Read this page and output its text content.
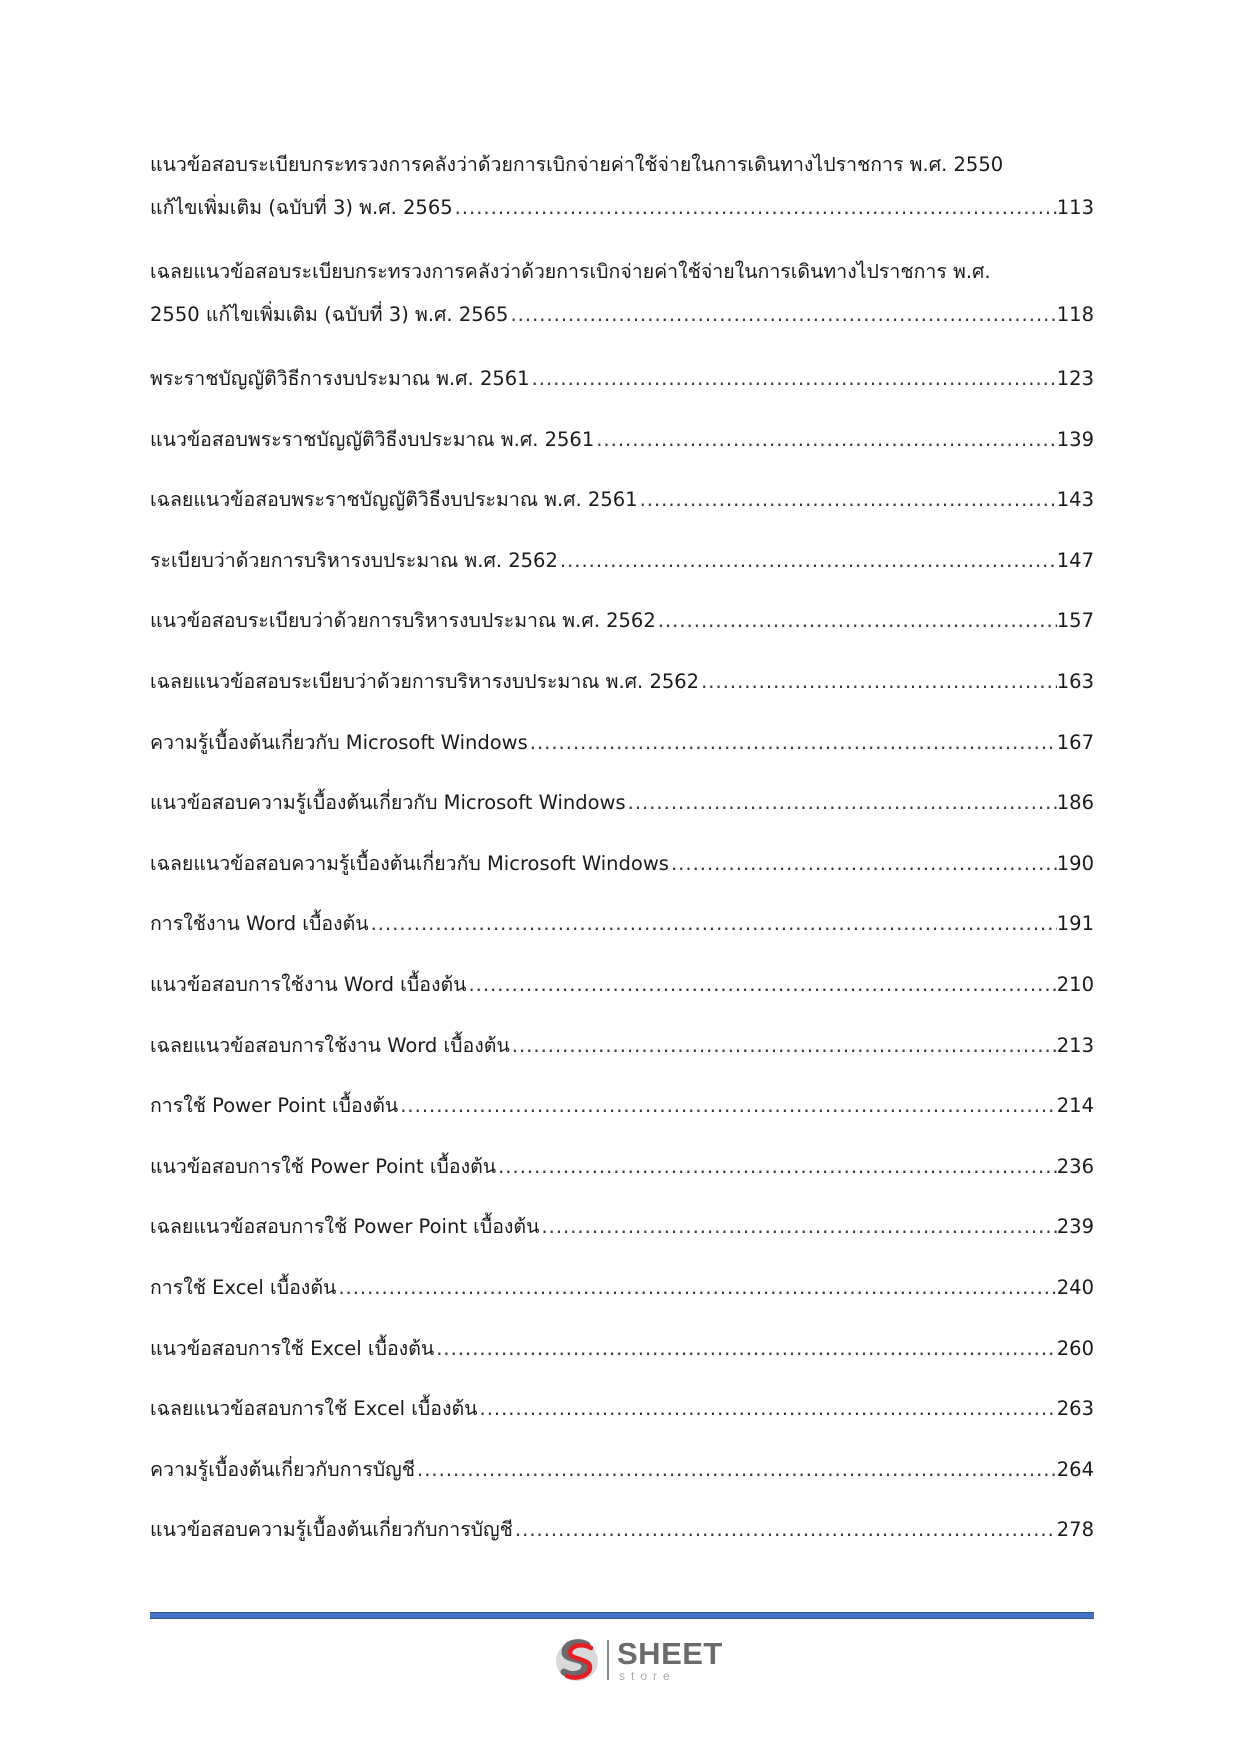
แนวข้อสอบระเบียบกระทรวงการคลังว่าด้วยการเบิกจ่ายค่าใช้จ่ายในการเดินทางไปราชการ พ.ศ. 2550
แก้ไขเพิ่มเติม (ฉบับที่ 3) พ.ศ. 2565 .....	113
เฉลยแนวข้อสอบระเบียบกระทรวงการคลังว่าด้วยการเบิกจ่ายค่าใช้จ่ายในการเดินทางไปราชการ พ.ศ.
2550 แก้ไขเพิ่มเติม (ฉบับที่ 3) พ.ศ. 2565 .....	118
พระราชบัญญัติวิธีการงบประมาณ พ.ศ. 2561 .....	123
แนวข้อสอบพระราชบัญญัติวิธีงบประมาณ พ.ศ. 2561 .....	139
เฉลยแนวข้อสอบพระราชบัญญัติวิธีงบประมาณ พ.ศ. 2561 .....	143
ระเบียบว่าด้วยการบริหารงบประมาณ พ.ศ. 2562 .....	147
แนวข้อสอบระเบียบว่าด้วยการบริหารงบประมาณ พ.ศ. 2562 .....	157
เฉลยแนวข้อสอบระเบียบว่าด้วยการบริหารงบประมาณ พ.ศ. 2562 .....	163
ความรู้เบื้องต้นเกี่ยวกับ Microsoft Windows .....	167
แนวข้อสอบความรู้เบื้องต้นเกี่ยวกับ Microsoft Windows .....	186
เฉลยแนวข้อสอบความรู้เบื้องต้นเกี่ยวกับ Microsoft Windows .....	190
การใช้งาน Word เบื้องต้น .....	191
แนวข้อสอบการใช้งาน Word เบื้องต้น .....	210
เฉลยแนวข้อสอบการใช้งาน Word เบื้องต้น .....	213
การใช้ Power Point เบื้องต้น .....	214
แนวข้อสอบการใช้ Power Point เบื้องต้น .....	236
เฉลยแนวข้อสอบการใช้ Power Point เบื้องต้น .....	239
การใช้ Excel เบื้องต้น .....	240
แนวข้อสอบการใช้ Excel เบื้องต้น .....	260
เฉลยแนวข้อสอบการใช้ Excel เบื้องต้น .....	263
ความรู้เบื้องต้นเกี่ยวกับการบัญชี .....	264
แนวข้อสอบความรู้เบื้องต้นเกี่ยวกับการบัญชี .....	278
SHEET
store
